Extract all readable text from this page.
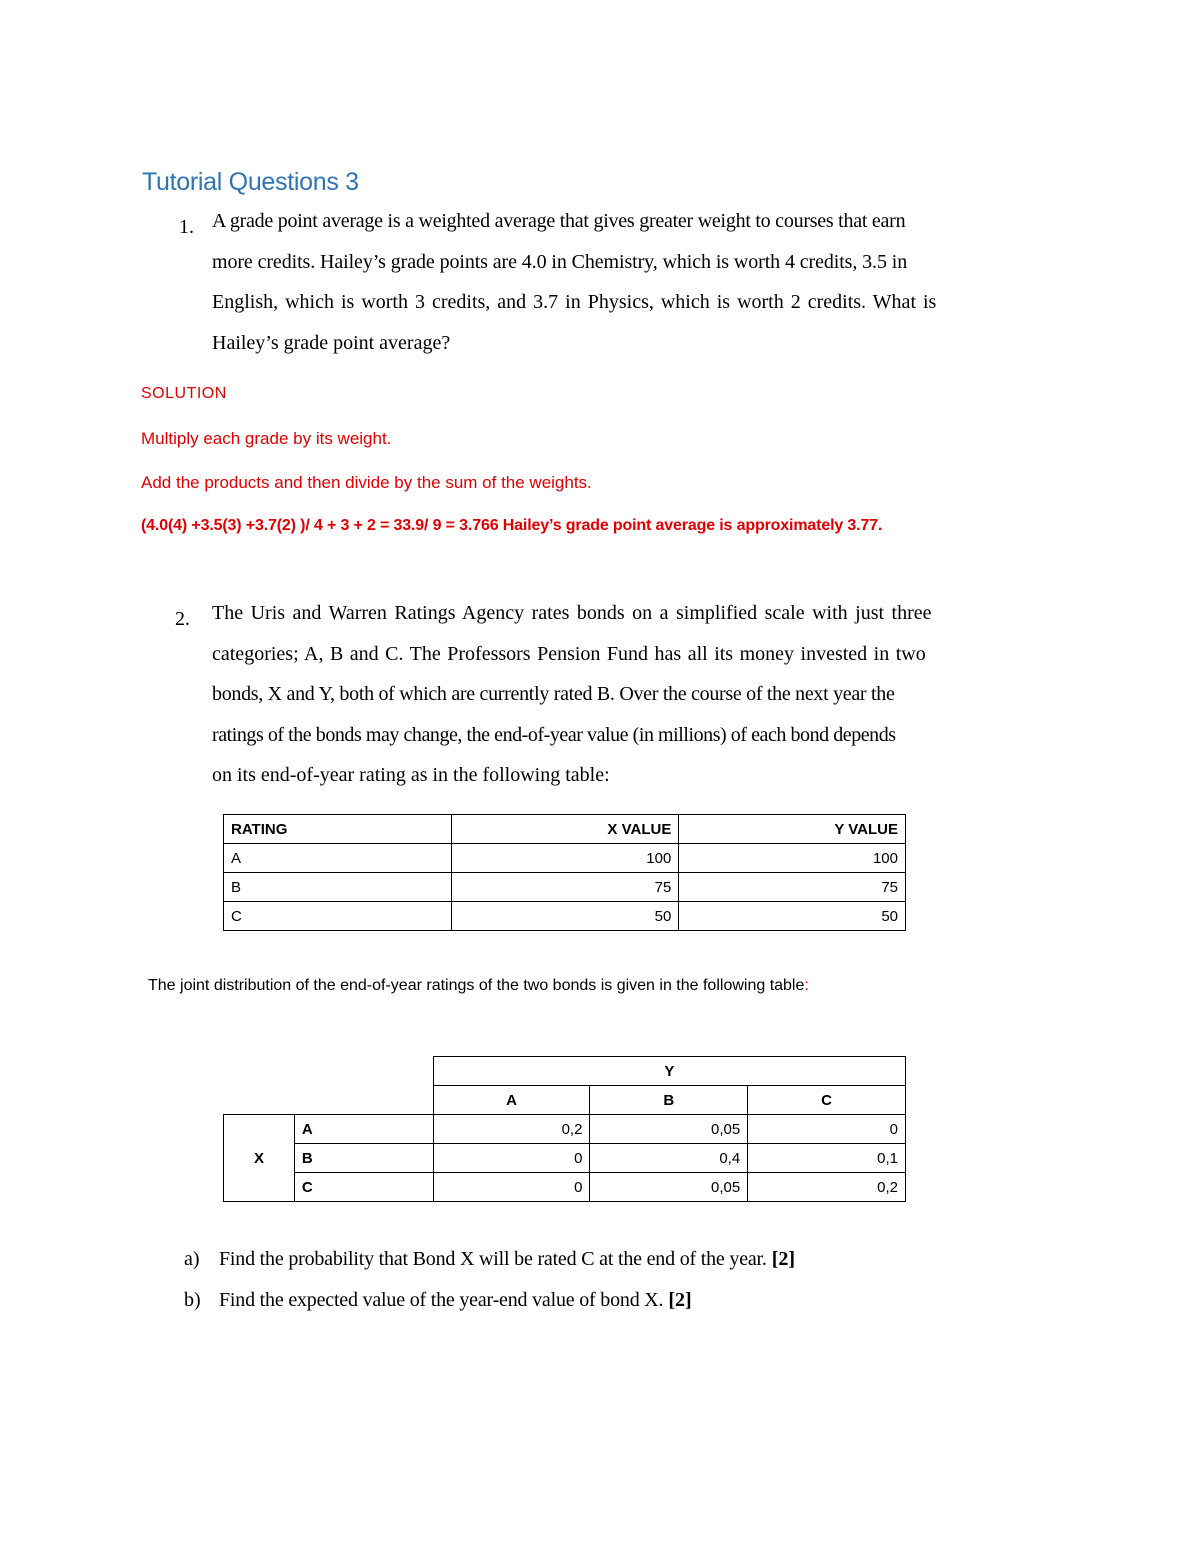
Tutorial Questions 3
1. A grade point average is a weighted average that gives greater weight to courses that earn
more credits. Hailey’s grade points are 4.0 in Chemistry, which is worth 4 credits, 3.5 in
English, which is worth 3 credits, and 3.7 in Physics, which is worth 2 credits. What is
Hailey’s grade point average?
SOLUTION
Multiply each grade by its weight.
Add the products and then divide by the sum of the weights.
(4.0(4) +3.5(3) +3.7(2) )/ 4 + 3 + 2 = 33.9/ 9 = 3.766 Hailey’s grade point average is approximately 3.77.
2.	The Uris and Warren Ratings Agency rates bonds on a simplified scale with just three
categories; A, B and C. The Professors Pension Fund has all its money invested in two
bonds, X and Y, both of which are currently rated B. Over the course of the next year the
ratings of the bonds may change, the end-of-year value (in millions) of each bond depends
on its end-of-year rating as in the following table:
RATING	X VALUE	Y VALUE
A	100	100
B	75	75
C	50	50
The joint distribution of the end-of-year ratings of the two bonds is given in the following table:
		Y		
		A	B	C
X	A	0,2	0,05	0
	B	0	0,4	0,1
	C	0	0,05	0,2
a) Find the probability that Bond X will be rated C at the end of the year. [2]
b) Find the expected value of the year-end value of bond X. [2]
